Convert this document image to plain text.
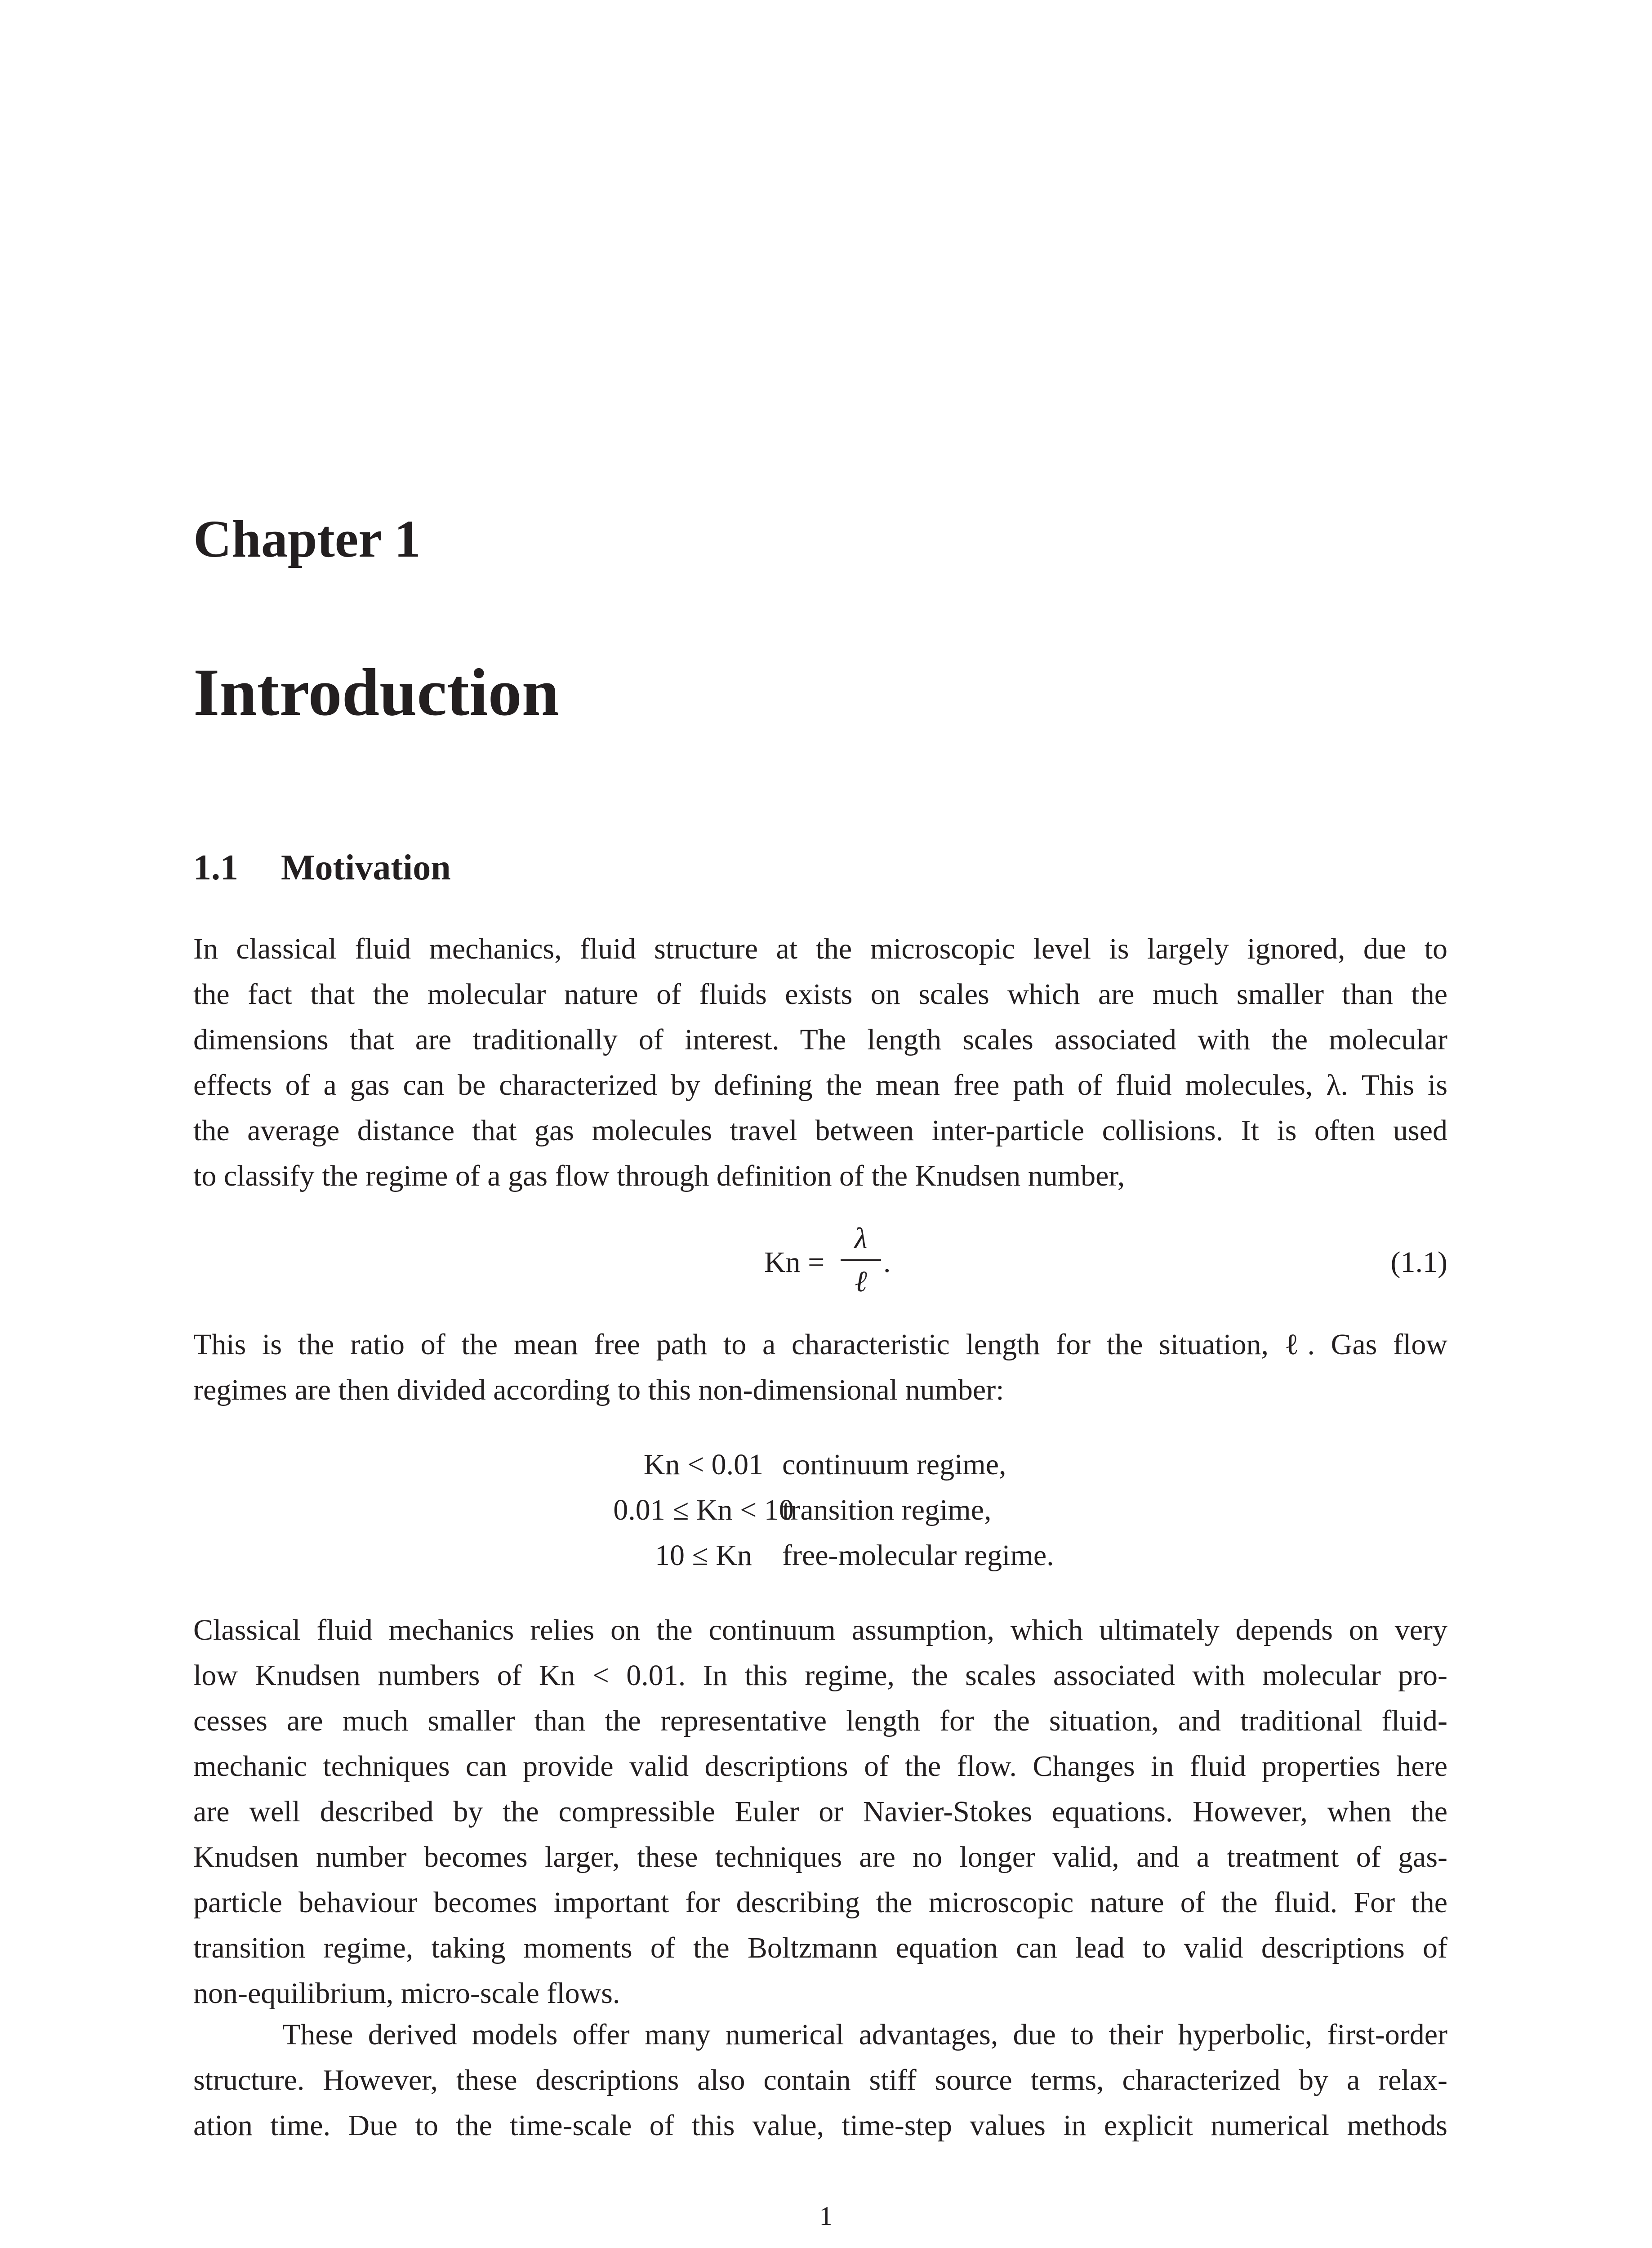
Chapter 1
Introduction
1.1 Motivation
In classical fluid mechanics, fluid structure at the microscopic level is largely ignored, due to
the fact that the molecular nature of fluids exists on scales which are much smaller than the
dimensions that are traditionally of interest. The length scales associated with the molecular
effects of a gas can be characterized by defining the mean free path of fluid molecules, λ. This is
the average distance that gas molecules travel between inter-particle collisions. It is often used
to classify the regime of a gas flow through definition of the Knudsen number,
Kn =
λ
ℓ
.	(1.1)
This is the ratio of the mean free path to a characteristic length for the situation, ℓ. Gas flow
regimes are then divided according to this non-dimensional number:
Kn < 0.01 continuum regime,
0.01 ≤ Kn < 10
transition regime,
10 ≤ Kn	free-molecular regime.
Classical fluid mechanics relies on the continuum assumption, which ultimately depends on very
low Knudsen numbers of Kn < 0.01. In this regime, the scales associated with molecular pro-
cesses are much smaller than the representative length for the situation, and traditional fluid-
mechanic techniques can provide valid descriptions of the flow. Changes in fluid properties here
are well described by the compressible Euler or Navier-Stokes equations. However, when the
Knudsen number becomes larger, these techniques are no longer valid, and a treatment of gas-
particle behaviour becomes important for describing the microscopic nature of the fluid. For the
transition regime, taking moments of the Boltzmann equation can lead to valid descriptions of
non-equilibrium, micro-scale flows.
These derived models offer many numerical advantages, due to their hyperbolic, first-order
structure. However, these descriptions also contain stiff source terms, characterized by a relax-
ation time. Due to the time-scale of this value, time-step values in explicit numerical methods
1
